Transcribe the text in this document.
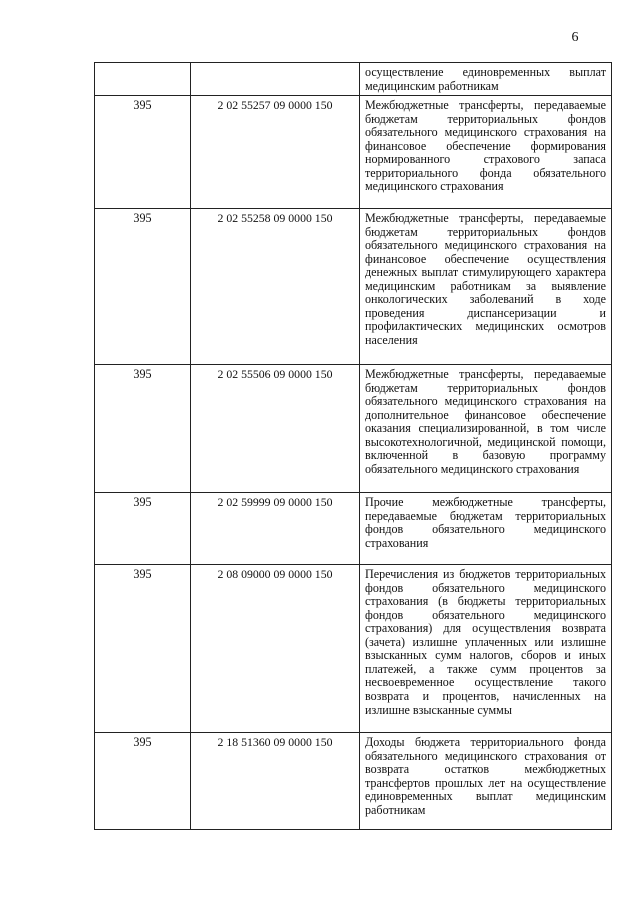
6
		осуществление единовременных выплат медицинским работникам
395	2 02 55257 09 0000 150	Межбюджетные трансферты, передаваемые бюджетам территориальных фондов обязательного медицинского страхования на финансовое обеспечение формирования нормированного страхового запаса территориального фонда обязательного медицинского страхования
395	2 02 55258 09 0000 150	Межбюджетные трансферты, передаваемые бюджетам территориальных фондов обязательного медицинского страхования на финансовое обеспечение осуществления денежных выплат стимулирующего характера медицинским работникам за выявление онкологических заболеваний в ходе проведения диспансеризации и профилактических медицинских осмотров населения
395	2 02 55506 09 0000 150	Межбюджетные трансферты, передаваемые бюджетам территориальных фондов обязательного медицинского страхования на дополнительное финансовое обеспечение оказания специализированной, в том числе высокотехнологичной, медицинской помощи, включенной в базовую программу обязательного медицинского страхования
395	2 02 59999 09 0000 150	Прочие межбюджетные трансферты, передаваемые бюджетам территориальных фондов обязательного медицинского страхования
395	2 08 09000 09 0000 150	Перечисления из бюджетов территориальных фондов обязательного медицинского страхования (в бюджеты территориальных фондов обязательного медицинского страхования) для осуществления возврата (зачета) излишне уплаченных или излишне взысканных сумм налогов, сборов и иных платежей, а также сумм процентов за несвоевременное осуществление такого возврата и процентов, начисленных на излишне взысканные суммы
395	2 18 51360 09 0000 150	Доходы бюджета территориального фонда обязательного медицинского страхования от возврата остатков межбюджетных трансфертов прошлых лет на осуществление единовременных выплат медицинским работникам
